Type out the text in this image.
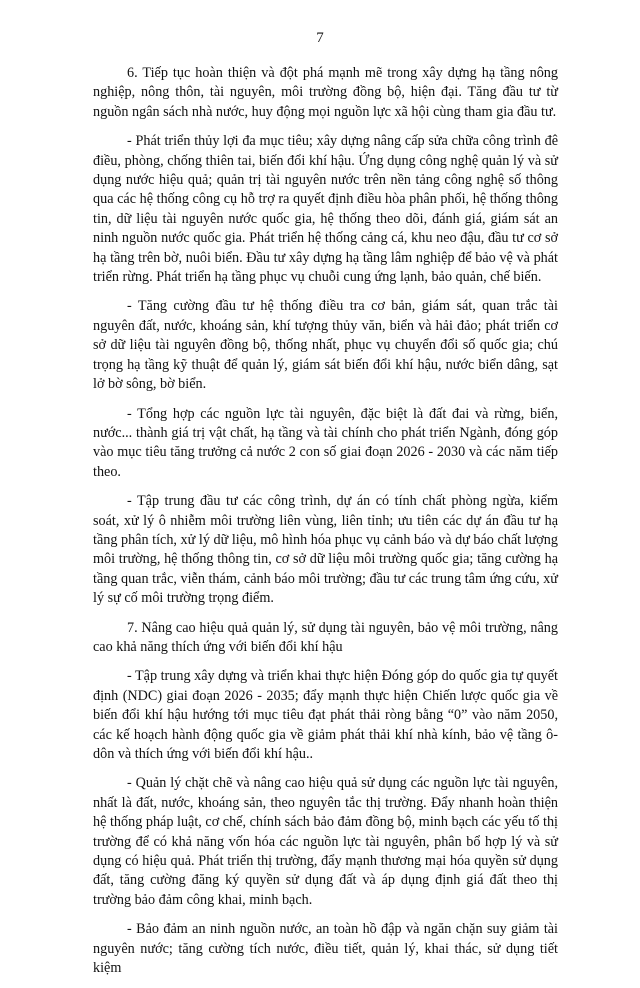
7

6. Tiếp tục hoàn thiện và đột phá mạnh mẽ trong xây dựng hạ tầng nông nghiệp, nông thôn, tài nguyên, môi trường đồng bộ, hiện đại. Tăng đầu tư từ nguồn ngân sách nhà nước, huy động mọi nguồn lực xã hội cùng tham gia đầu tư.

- Phát triển thủy lợi đa mục tiêu; xây dựng nâng cấp sửa chữa công trình đê điều, phòng, chống thiên tai, biến đổi khí hậu. Ứng dụng công nghệ quản lý và sử dụng nước hiệu quả; quản trị tài nguyên nước trên nền tảng công nghệ số thông qua các hệ thống công cụ hỗ trợ ra quyết định điều hòa phân phối, hệ thống thông tin, dữ liệu tài nguyên nước quốc gia, hệ thống theo dõi, đánh giá, giám sát an ninh nguồn nước quốc gia. Phát triển hệ thống cảng cá, khu neo đậu, đầu tư cơ sở hạ tầng trên bờ, nuôi biển. Đầu tư xây dựng hạ tầng lâm nghiệp để bảo vệ và phát triển rừng. Phát triển hạ tầng phục vụ chuỗi cung ứng lạnh, bảo quản, chế biến.

- Tăng cường đầu tư hệ thống điều tra cơ bản, giám sát, quan trắc tài nguyên đất, nước, khoáng sản, khí tượng thủy văn, biển và hải đảo; phát triển cơ sở dữ liệu tài nguyên đồng bộ, thống nhất, phục vụ chuyển đổi số quốc gia; chú trọng hạ tầng kỹ thuật để quản lý, giám sát biến đổi khí hậu, nước biển dâng, sạt lở bờ sông, bờ biển.

- Tổng hợp các nguồn lực tài nguyên, đặc biệt là đất đai và rừng, biển, nước... thành giá trị vật chất, hạ tầng và tài chính cho phát triển Ngành, đóng góp vào mục tiêu tăng trưởng cả nước 2 con số giai đoạn 2026 - 2030 và các năm tiếp theo.

- Tập trung đầu tư các công trình, dự án có tính chất phòng ngừa, kiểm soát, xử lý ô nhiễm môi trường liên vùng, liên tỉnh; ưu tiên các dự án đầu tư hạ tầng phân tích, xử lý dữ liệu, mô hình hóa phục vụ cảnh báo và dự báo chất lượng môi trường, hệ thống thông tin, cơ sở dữ liệu môi trường quốc gia; tăng cường hạ tầng quan trắc, viễn thám, cảnh báo môi trường; đầu tư các trung tâm ứng cứu, xử lý sự cố môi trường trọng điểm.

7. Nâng cao hiệu quả quản lý, sử dụng tài nguyên, bảo vệ môi trường, nâng cao khả năng thích ứng với biến đổi khí hậu

- Tập trung xây dựng và triển khai thực hiện Đóng góp do quốc gia tự quyết định (NDC) giai đoạn 2026 - 2035; đẩy mạnh thực hiện Chiến lược quốc gia về biến đổi khí hậu hướng tới mục tiêu đạt phát thải ròng bằng “0” vào năm 2050, các kế hoạch hành động quốc gia về giảm phát thải khí nhà kính, bảo vệ tầng ô-dôn và thích ứng với biến đổi khí hậu..

- Quản lý chặt chẽ và nâng cao hiệu quả sử dụng các nguồn lực tài nguyên, nhất là đất, nước, khoáng sản, theo nguyên tắc thị trường. Đẩy nhanh hoàn thiện hệ thống pháp luật, cơ chế, chính sách bảo đảm đồng bộ, minh bạch các yếu tố thị trường để có khả năng vốn hóa các nguồn lực tài nguyên, phân bổ hợp lý và sử dụng có hiệu quả. Phát triển thị trường, đẩy mạnh thương mại hóa quyền sử dụng đất, tăng cường đăng ký quyền sử dụng đất và áp dụng định giá đất theo thị trường bảo đảm công khai, minh bạch.

- Bảo đảm an ninh nguồn nước, an toàn hồ đập và ngăn chặn suy giảm tài nguyên nước; tăng cường tích nước, điều tiết, quản lý, khai thác, sử dụng tiết kiệm
